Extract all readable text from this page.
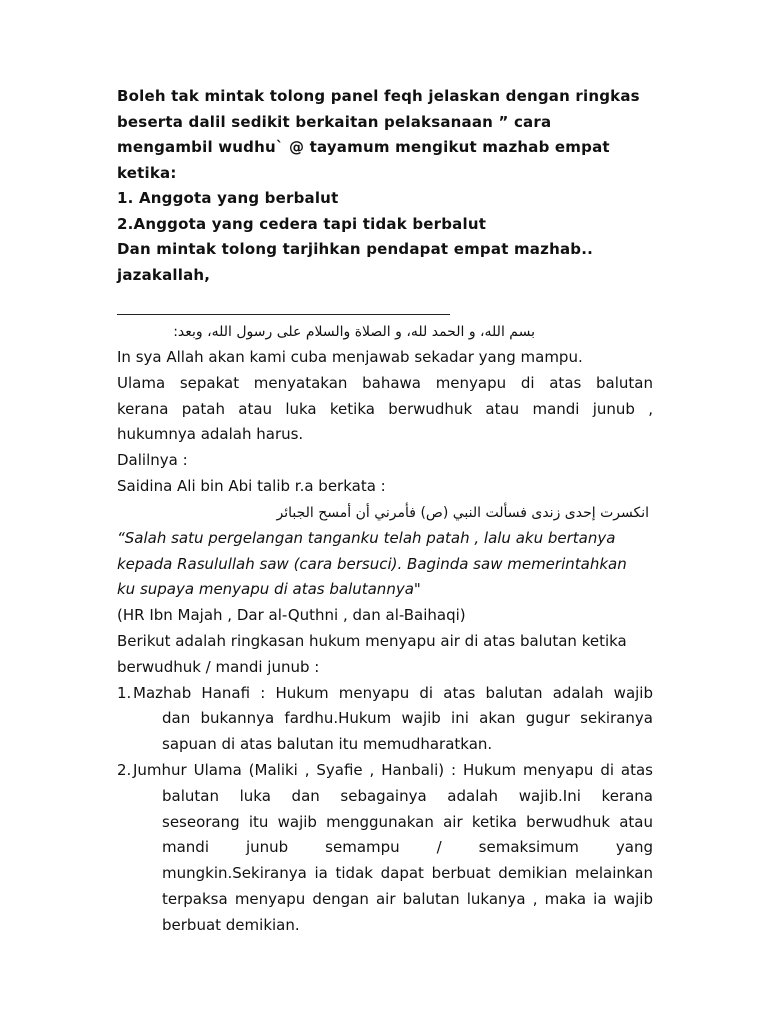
Boleh tak mintak tolong panel feqh jelaskan dengan ringkas
beserta dalil sedikit berkaitan pelaksanaan ” cara
mengambil wudhu` @ tayamum mengikut mazhab empat
ketika:
1. Anggota yang berbalut
2.Anggota yang cedera tapi tidak berbalut
Dan mintak tolong tarjihkan pendapat empat mazhab..
jazakallah,
بسم الله، و الحمد لله، و الصلاة والسلام على رسول الله، وبعد:
In sya Allah akan kami cuba menjawab sekadar yang mampu.
Ulama sepakat menyatakan bahawa menyapu di atas balutan
kerana patah atau luka ketika berwudhuk atau mandi junub ,
hukumnya adalah harus.
Dalilnya :
Saidina Ali bin Abi talib r.a berkata :
انكسرت إحدى زندى فسألت النبي (ص) فأمرني أن أمسح الجبائر
“Salah satu pergelangan tanganku telah patah , lalu aku bertanya
kepada Rasulullah saw (cara bersuci). Baginda saw memerintahkan
ku supaya menyapu di atas balutannya"
(HR Ibn Majah , Dar al-Quthni , dan al-Baihaqi)
Berikut adalah ringkasan hukum menyapu air di atas balutan ketika
berwudhuk / mandi junub :
1. Mazhab Hanafi : Hukum menyapu di atas balutan adalah wajib
dan bukannya fardhu.Hukum wajib ini akan gugur sekiranya
sapuan di atas balutan itu memudharatkan.
2. Jumhur Ulama (Maliki , Syafie , Hanbali) : Hukum menyapu di atas
balutan luka dan sebagainya adalah wajib.Ini kerana
seseorang itu wajib menggunakan air ketika berwudhuk atau
mandi junub semampu / semaksimum yang
mungkin.Sekiranya ia tidak dapat berbuat demikian melainkan
terpaksa menyapu dengan air balutan lukanya , maka ia wajib
berbuat demikian.
